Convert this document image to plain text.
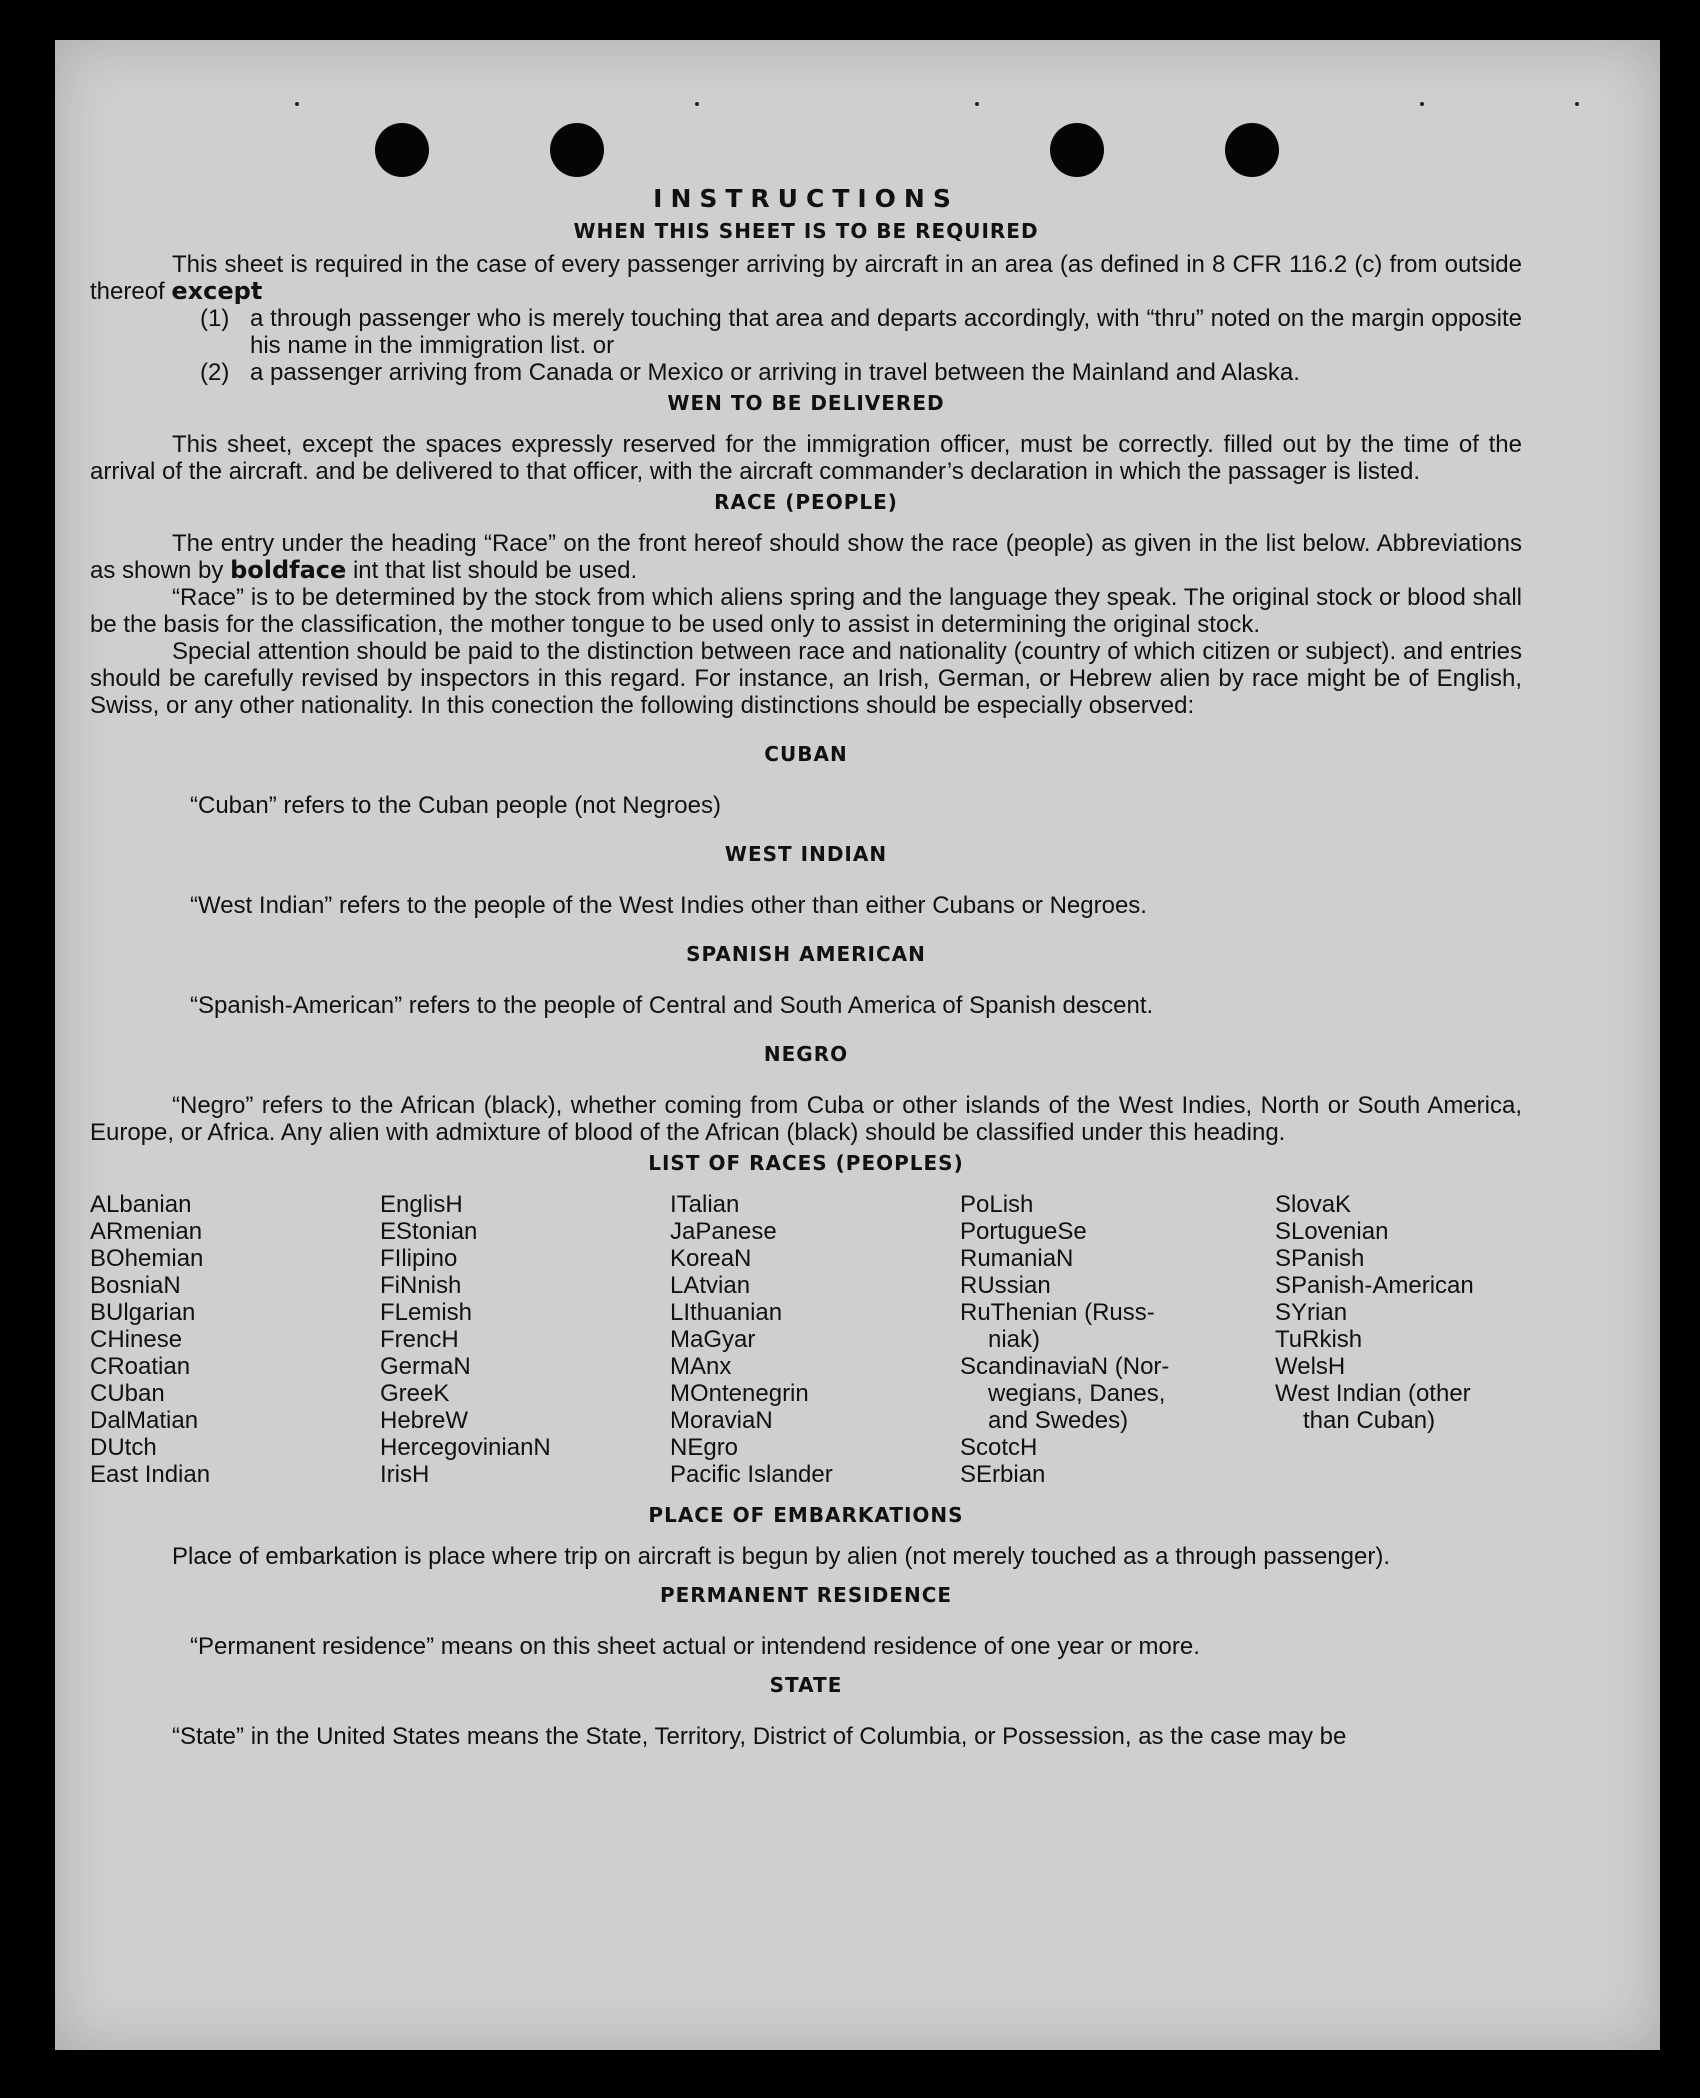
INSTRUCTIONS
WHEN THIS SHEET IS TO BE REQUIRED

This sheet is required in the case of every passenger arriving by aircraft in an area (as defined in 8 CFR 116.2 (c) from outside thereof except

(1) a through passenger who is merely touching that area and departs accordingly, with “thru” noted on the margin opposite his name in the immigration list. or
(2) a passenger arriving from Canada or Mexico or arriving in travel between the Mainland and Alaska.
WEN TO BE DELIVERED

This sheet, except the spaces expressly reserved for the immigration officer, must be correctly. filled out by the time of the arrival of the aircraft. and be delivered to that officer, with the aircraft commander’s declaration in which the passager is listed.

RACE (PEOPLE)

The entry under the heading “Race” on the front hereof should show the race (people) as given in the list below. Abbreviations as shown by boldface int that list should be used.

“Race” is to be determined by the stock from which aliens spring and the language they speak. The original stock or blood shall be the basis for the classification, the mother tongue to be used only to assist in determining the original stock.

Special attention should be paid to the distinction between race and nationality (country of which citizen or subject). and entries should be carefully revised by inspectors in this regard. For instance, an Irish, German, or Hebrew alien by race might be of English, Swiss, or any other nationality. In this conection the following distinctions should be especially observed:

CUBAN

“Cuban” refers to the Cuban people (not Negroes)

WEST INDIAN

“West Indian” refers to the people of the West Indies other than either Cubans or Negroes.

SPANISH AMERICAN

“Spanish-American” refers to the people of Central and South America of Spanish descent.

NEGRO

“Negro” refers to the African (black), whether coming from Cuba or other islands of the West Indies, North or South America, Europe, or Africa. Any alien with admixture of blood of the African (black) should be classified under this heading.

LIST OF RACES (PEOPLES)
ALbanian
ARmenian
BOhemian
BosniaN
BUlgarian
CHinese
CRoatian
CUban
DalMatian
DUtch
East Indian
EnglisH
EStonian
FIlipino
FiNnish
FLemish
FrencH
GermaN
GreeK
HebreW
HercegovinianN
IrisH
ITalian
JaPanese
KoreaN
LAtvian
LIthuanian
MaGyar
MAnx
MOntenegrin
MoraviaN
NEgro
Pacific Islander
PoLish
PortugueSe
RumaniaN
RUssian
RuThenian (Russ-
niak)
ScandinaviaN (Nor-
wegians, Danes,
and Swedes)
ScotcH
SErbian
SlovaK
SLovenian
SPanish
SPanish-American
SYrian
TuRkish
WelsH
West Indian (other
than Cuban)
PLACE OF EMBARKATIONS

Place of embarkation is place where trip on aircraft is begun by alien (not merely touched as a through passenger).

PERMANENT RESIDENCE

“Permanent residence” means on this sheet actual or intendend residence of one year or more.

STATE

“State” in the United States means the State, Territory, District of Columbia, or Possession, as the case may be
